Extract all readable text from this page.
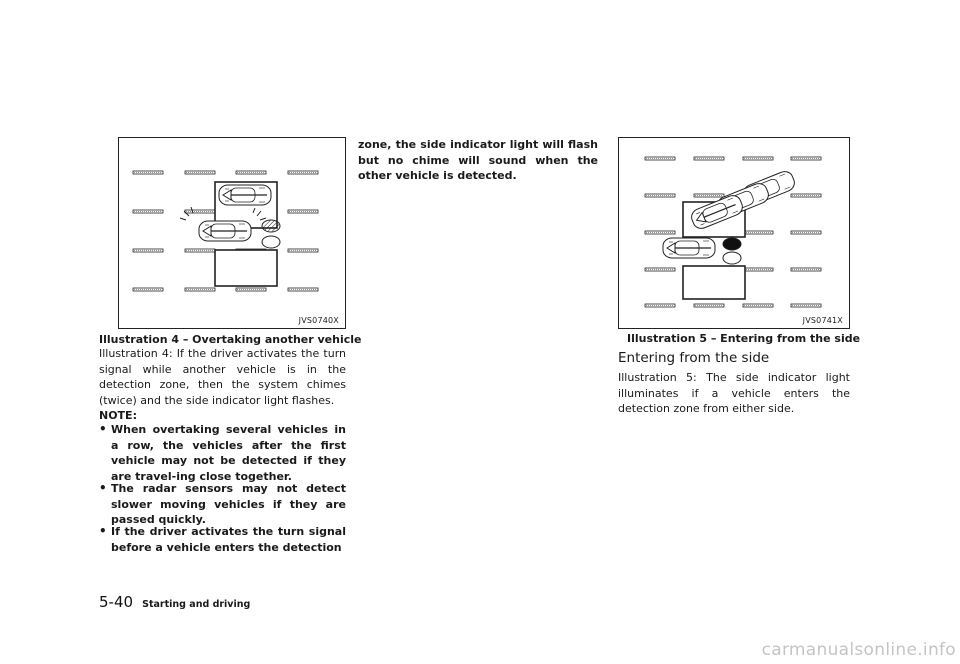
JVS0740X
Illustration 4 – Overtaking another vehicle

Illustration 4: If the driver activates the turn signal while another vehicle is in the detection zone, then the system chimes (twice) and the side indicator light flashes.

NOTE:
• When overtaking several vehicles in a row, the vehicles after the first vehicle may not be detected if they are travel-ing close together.

• The radar sensors may not detect slower moving vehicles if they are passed quickly.

• If the driver activates the turn signal before a vehicle enters the detection

zone, the side indicator light will flash but no chime will sound when the other vehicle is detected.

JVS0741X
Illustration 5 – Entering from the side
Entering from the side

Illustration 5: The side indicator light illuminates if a vehicle enters the detection zone from either side.

5-40 Starting and driving
carmanualsonline.info
